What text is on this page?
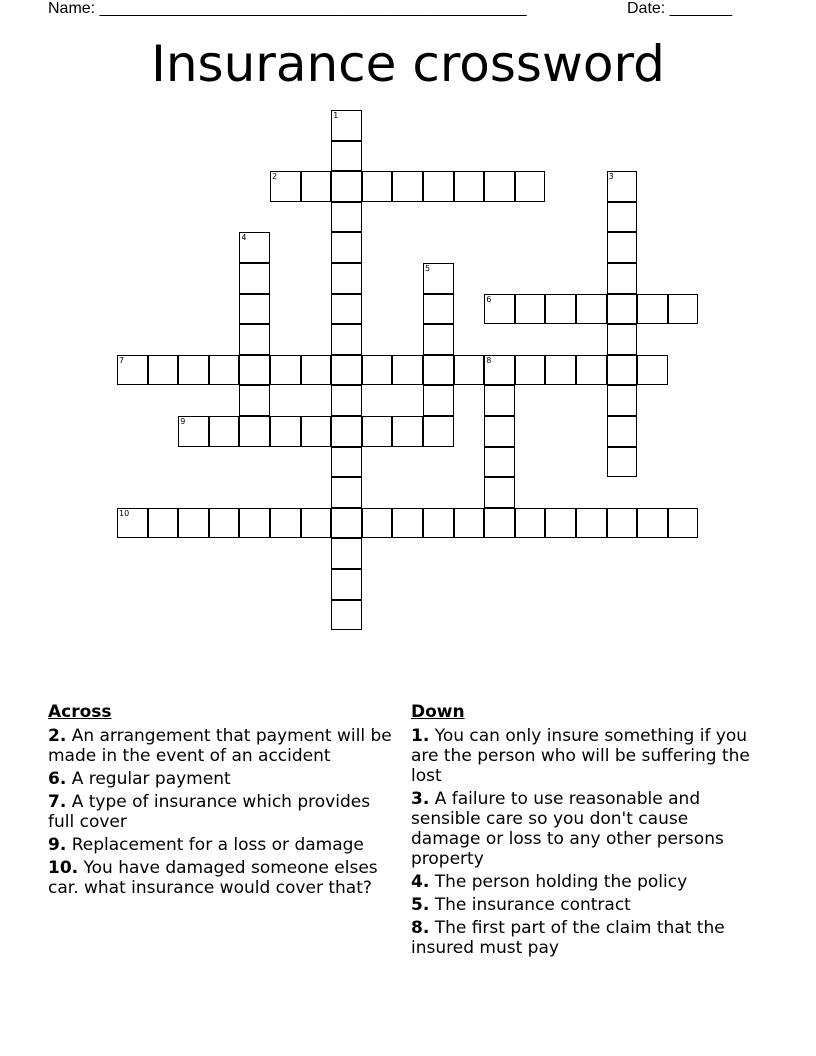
Name: ________________________________________________	Date: _______
Insurance crossword
1
2	3
4
5
6
7	8
9
10
Across
2. An arrangement that payment will be made in the event of an accident
6. A regular payment
7. A type of insurance which provides full cover
9. Replacement for a loss or damage
10. You have damaged someone elses car. what insurance would cover that?
Down
1. You can only insure something if you are the person who will be suffering the lost
3. A failure to use reasonable and sensible care so you don't cause damage or loss to any other persons property
4. The person holding the policy
5. The insurance contract
8. The first part of the claim that the insured must pay
